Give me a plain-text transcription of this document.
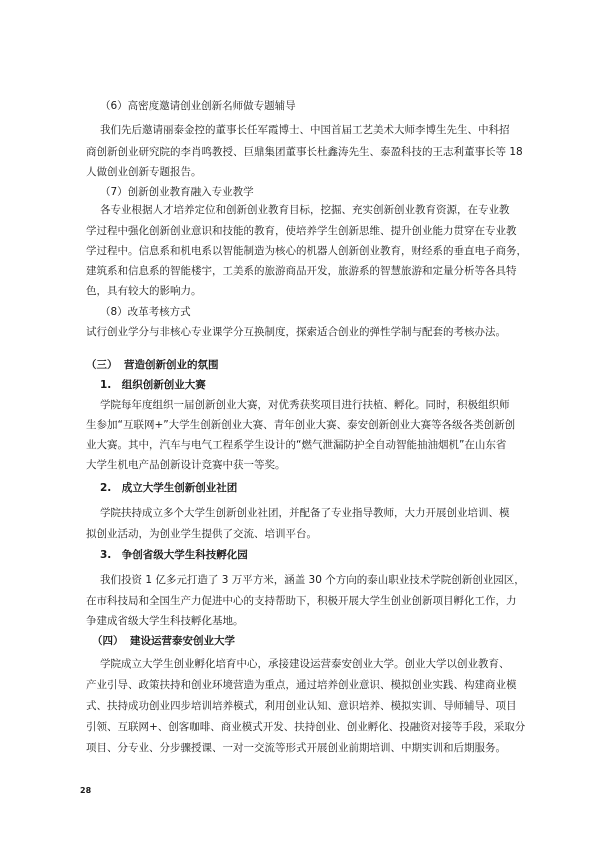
（6）高密度邀请创业创新名师做专题辅导
我们先后邀请丽泰金控的董事长任军霞博士、中国首届工艺美术大师李博生先生、中科招
商创新创业研究院的李肖鸣教授、巨鼎集团董事长杜鑫涛先生、泰盈科技的王志利董事长等 18
人做创业创新专题报告。
（7）创新创业教育融入专业教学
各专业根据人才培养定位和创新创业教育目标，挖掘、充实创新创业教育资源，在专业教
学过程中强化创新创业意识和技能的教育，使培养学生创新思维、提升创业能力贯穿在专业教
学过程中。信息系和机电系以智能制造为核心的机器人创新创业教育，财经系的垂直电子商务，
建筑系和信息系的智能楼宇，工美系的旅游商品开发，旅游系的智慧旅游和定量分析等各具特
色，具有较大的影响力。
（8）改革考核方式
试行创业学分与非核心专业课学分互换制度，探索适合创业的弹性学制与配套的考核办法。
（三） 营造创新创业的氛围
1.　组织创新创业大赛
学院每年度组织一届创新创业大赛，对优秀获奖项目进行扶植、孵化。同时，积极组织师
生参加“互联网+”大学生创新创业大赛、青年创业大赛、泰安创新创业大赛等各级各类创新创
业大赛。其中，汽车与电气工程系学生设计的“燃气泄漏防护全自动智能抽油烟机”在山东省
大学生机电产品创新设计竞赛中获一等奖。
2.　成立大学生创新创业社团
学院扶持成立多个大学生创新创业社团，并配备了专业指导教师，大力开展创业培训、模
拟创业活动，为创业学生提供了交流、培训平台。
3.　争创省级大学生科技孵化园
我们投资 1 亿多元打造了 3 万平方米，涵盖 30 个方向的泰山职业技术学院创新创业园区，
在市科技局和全国生产力促进中心的支持帮助下，积极开展大学生创业创新项目孵化工作，力
争建成省级大学生科技孵化基地。
（四） 建设运营泰安创业大学
学院成立大学生创业孵化培育中心，承接建设运营泰安创业大学。创业大学以创业教育、
产业引导、政策扶持和创业环境营造为重点，通过培养创业意识、模拟创业实践、构建商业模
式、扶持成功创业四步培训培养模式，利用创业认知、意识培养、模拟实训、导师辅导、项目
引领、互联网+、创客咖啡、商业模式开发、扶持创业、创业孵化、投融资对接等手段，采取分
项目、分专业、分步骤授课、一对一交流等形式开展创业前期培训、中期实训和后期服务。
28
